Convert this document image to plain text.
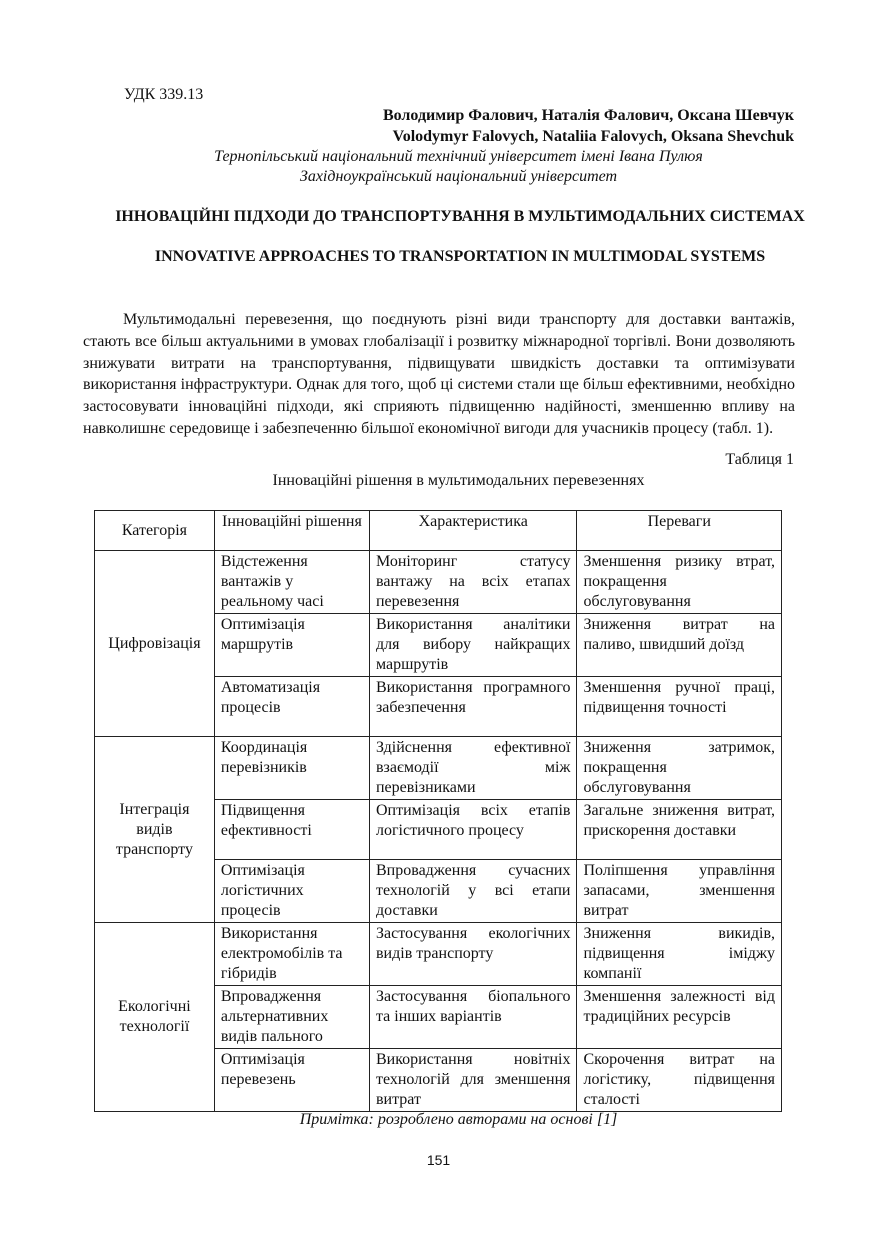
УДК 339.13
Володимир Фалович, Наталія Фалович, Оксана Шевчук
Volodymyr Falovych, Nataliia Falovych, Oksana Shevchuk
Тернопільський національний технічний університет імені Івана Пулюя
Західноукраїнський національний університет
ІННОВАЦІЙНІ ПІДХОДИ ДО ТРАНСПОРТУВАННЯ В МУЛЬТИМОДАЛЬНИХ СИСТЕМАХ
INNOVATIVE APPROACHES TO TRANSPORTATION IN MULTIMODAL SYSTEMS

Мультимодальні перевезення, що поєднують різні види транспорту для доставки вантажів, стають все більш актуальними в умовах глобалізації і розвитку міжнародної торгівлі. Вони дозволяють знижувати витрати на транспортування, підвищувати швидкість доставки та оптимізувати використання інфраструктури. Однак для того, щоб ці системи стали ще більш ефективними, необхідно застосовувати інноваційні підходи, які сприяють підвищенню надійності, зменшенню впливу на навколишнє середовище і забезпеченню більшої економічної вигоди для учасників процесу (табл. 1).

Таблиця 1
Інноваційні рішення в мультимодальних перевезеннях
Категорія	Інноваційні рішення	Характеристика	Переваги
Цифровізація	Відстеження вантажів у реальному часі	Моніторинг статусу вантажу на всіх етапах перевезення	Зменшення ризику втрат, покращення обслуговування
	Оптимізація маршрутів	Використання аналітики для вибору найкращих маршрутів	Зниження витрат на паливо, швидший доїзд
	Автоматизація процесів	Використання програмного забезпечення	Зменшення ручної праці, підвищення точності
Інтеграція видів транспорту	Координація перевізників	Здійснення ефективної взаємодії між перевізниками	Зниження затримок, покращення обслуговування
	Підвищення ефективності	Оптимізація всіх етапів логістичного процесу	Загальне зниження витрат, прискорення доставки
	Оптимізація логістичних процесів	Впровадження сучасних технологій у всі етапи доставки	Поліпшення управління запасами, зменшення витрат
Екологічні технології	Використання електромобілів та гібридів	Застосування екологічних видів транспорту	Зниження викидів, підвищення іміджу компанії
	Впровадження альтернативних видів пального	Застосування біопального та інших варіантів	Зменшення залежності від традиційних ресурсів
	Оптимізація перевезень	Використання новітніх технологій для зменшення витрат	Скорочення витрат на логістику, підвищення сталості
Примітка: розроблено авторами на основі [1]
151
